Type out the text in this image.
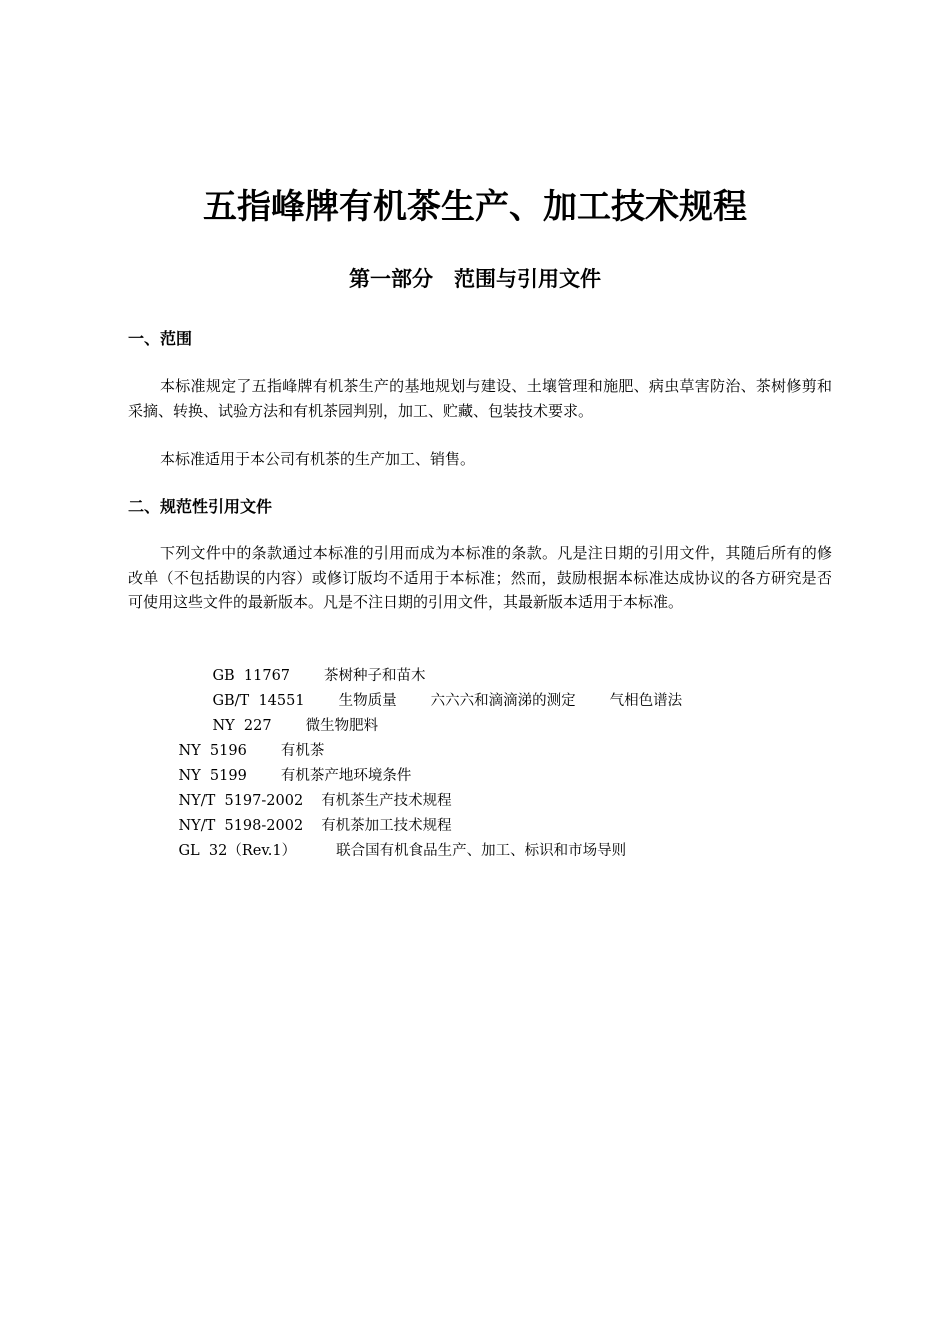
五指峰牌有机茶生产、加工技术规程
第一部分　范围与引用文件
一、范围
本标准规定了五指峰牌有机茶生产的基地规划与建设、土壤管理和施肥、病虫草害防治、茶树修剪和采摘、转换、试验方法和有机茶园判别，加工、贮藏、包装技术要求。
本标准适用于本公司有机茶的生产加工、销售。
二、规范性引用文件
下列文件中的条款通过本标准的引用而成为本标准的条款。凡是注日期的引用文件，其随后所有的修改单（不包括勘误的内容）或修订版均不适用于本标准；然而，鼓励根据本标准达成协议的各方研究是否可使用这些文件的最新版本。凡是不注日期的引用文件，其最新版本适用于本标准。

GB  11767 茶树种子和苗木

GB/T  14551 生物质量 六六六和滴滴涕的测定 气相色谱法

NY  227 微生物肥料

NY  5196 有机茶

NY  5199 有机茶产地环境条件

NY/T  5197-2002 有机茶生产技术规程

NY/T  5198-2002 有机茶加工技术规程

GL  32（Rev.1）	联合国有机食品生产、加工、标识和市场导则
